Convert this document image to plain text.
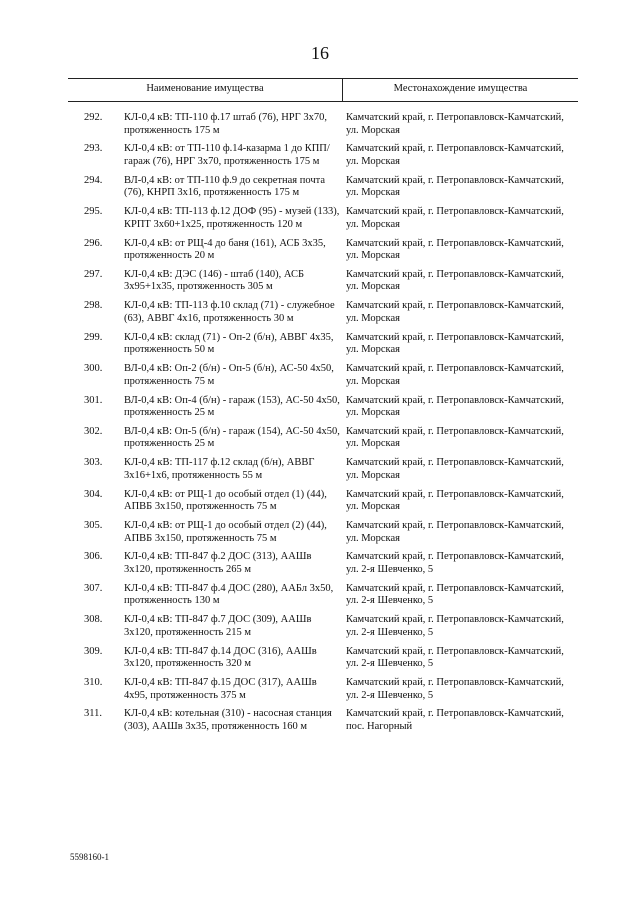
16
Наименование имущества	Местонахождение имущества
292. КЛ-0,4 кВ: ТП-110 ф.17 штаб (76), НРГ 3х70, протяженность 175 м
Камчатский край, г. Петропавловск-Камчатский, ул. Морская
293. КЛ-0,4 кВ: от ТП-110 ф.14-казарма 1 до КПП/гараж (76), НРГ 3х70, протяженность 175 м
Камчатский край, г. Петропавловск-Камчатский, ул. Морская
294. ВЛ-0,4 кВ: от ТП-110 ф.9 до секретная почта (76), КНРП 3х16, протяженность 175 м
Камчатский край, г. Петропавловск-Камчатский, ул. Морская
295. КЛ-0,4 кВ: ТП-113 ф.12 ДОФ (95) - музей (133), КРПТ 3х60+1х25, протяженность 120 м
Камчатский край, г. Петропавловск-Камчатский, ул. Морская
296. КЛ-0,4 кВ: от РЩ-4 до баня (161), АСБ 3х35, протяженность 20 м
Камчатский край, г. Петропавловск-Камчатский, ул. Морская
297. КЛ-0,4 кВ: ДЭС (146) - штаб (140), АСБ 3х95+1х35, протяженность 305 м
Камчатский край, г. Петропавловск-Камчатский, ул. Морская
298. КЛ-0,4 кВ: ТП-113 ф.10 склад (71) - служебное (63), АВВГ 4х16, протяженность 30 м
Камчатский край, г. Петропавловск-Камчатский, ул. Морская
299. КЛ-0,4 кВ: склад (71) - Оп-2 (б/н), АВВГ 4х35, протяженность 50 м
Камчатский край, г. Петропавловск-Камчатский, ул. Морская
300. ВЛ-0,4 кВ: Оп-2 (б/н) - Оп-5 (б/н), АС-50 4х50, протяженность 75 м
Камчатский край, г. Петропавловск-Камчатский, ул. Морская
301. ВЛ-0,4 кВ: Оп-4 (б/н) - гараж (153), АС-50 4х50, протяженность 25 м
Камчатский край, г. Петропавловск-Камчатский, ул. Морская
302. ВЛ-0,4 кВ: Оп-5 (б/н) - гараж (154), АС-50 4х50, протяженность 25 м
Камчатский край, г. Петропавловск-Камчатский, ул. Морская
303. КЛ-0,4 кВ: ТП-117 ф.12 склад (б/н), АВВГ 3х16+1х6, протяженность 55 м
Камчатский край, г. Петропавловск-Камчатский, ул. Морская
304. КЛ-0,4 кВ: от РЩ-1 до особый отдел (1) (44), АПВБ 3х150, протяженность 75 м
Камчатский край, г. Петропавловск-Камчатский, ул. Морская
305. КЛ-0,4 кВ: от РЩ-1 до особый отдел (2) (44), АПВБ 3х150, протяженность 75 м
Камчатский край, г. Петропавловск-Камчатский, ул. Морская
306. КЛ-0,4 кВ: ТП-847 ф.2 ДОС (313), ААШв 3х120, протяженность 265 м
Камчатский край, г. Петропавловск-Камчатский, ул. 2-я Шевченко, 5
307. КЛ-0,4 кВ: ТП-847 ф.4 ДОС (280), ААБл 3х50, протяженность 130 м
Камчатский край, г. Петропавловск-Камчатский, ул. 2-я Шевченко, 5
308. КЛ-0,4 кВ: ТП-847 ф.7 ДОС (309), ААШв 3х120, протяженность 215 м
Камчатский край, г. Петропавловск-Камчатский, ул. 2-я Шевченко, 5
309. КЛ-0,4 кВ: ТП-847 ф.14 ДОС (316), ААШв 3х120, протяженность 320 м
Камчатский край, г. Петропавловск-Камчатский, ул. 2-я Шевченко, 5
310. КЛ-0,4 кВ: ТП-847 ф.15 ДОС (317), ААШв 4х95, протяженность 375 м
Камчатский край, г. Петропавловск-Камчатский, ул. 2-я Шевченко, 5
311. КЛ-0,4 кВ: котельная (310) - насосная станция (303), ААШв 3х35, протяженность 160 м
Камчатский край, г. Петропавловск-Камчатский, пос. Нагорный
5598160-1
